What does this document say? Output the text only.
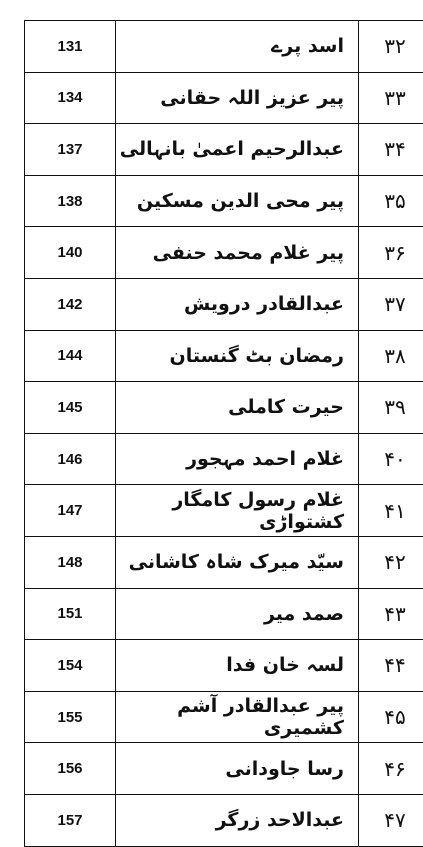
131	اسد پرے	۳۲
134	پیر عزیز اللہ حقانی	۳۳
137	عبدالرحیم اعمیٰ بانہالی	۳۴
138	پیر محی الدین مسکین	۳۵
140	پیر غلام محمد حنفی	۳۶
142	عبدالقادر درویش	۳۷
144	رمضان بٹ گنستان	۳۸
145	حیرت کاملی	۳۹
146	غلام احمد مہجور	۴۰
147	غلام رسول کامگار کشتواڑی	۴۱
148	سیّد میرک شاہ کاشانی	۴۲
151	صمد میر	۴۳
154	لسہ خان فدا	۴۴
155	پیر عبدالقادر آشم کشمیری	۴۵
156	رسا جاودانی	۴۶
157	عبدالاحد زرگر	۴۷
